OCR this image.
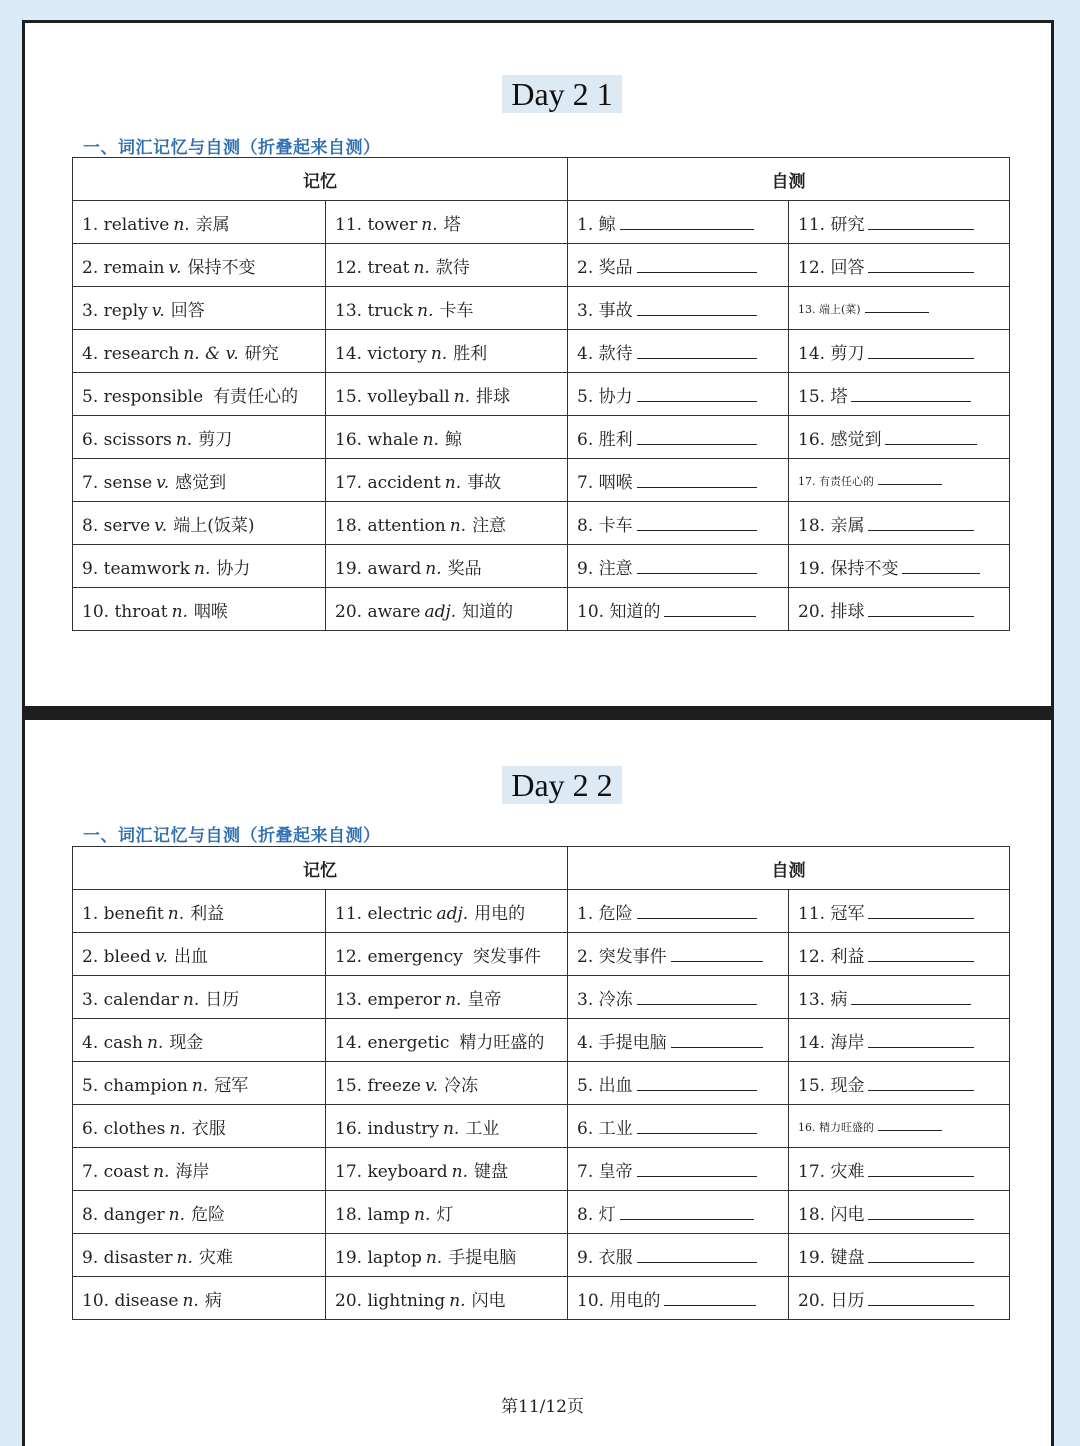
Day 2 1
一、词汇记忆与自测（折叠起来自测）
记忆		自测	
1. relative n. 亲属	11. tower n. 塔	1. 鲸	11. 研究
2. remain v. 保持不变	12. treat n. 款待	2. 奖品	12. 回答
3. reply v. 回答	13. truck n. 卡车	3. 事故	13. 端上(菜)
4. research n. & v. 研究	14. victory n. 胜利	4. 款待	14. 剪刀
5. responsible 有责任心的	15. volleyball n. 排球	5. 协力	15. 塔
6. scissors n. 剪刀	16. whale n. 鲸	6. 胜利	16. 感觉到
7. sense v. 感觉到	17. accident n. 事故	7. 咽喉	17. 有责任心的
8. serve v. 端上(饭菜)	18. attention n. 注意	8. 卡车	18. 亲属
9. teamwork n. 协力	19. award n. 奖品	9. 注意	19. 保持不变
10. throat n. 咽喉	20. aware adj. 知道的	10. 知道的	20. 排球
Day 2 2
一、词汇记忆与自测（折叠起来自测）
记忆		自测	
1. benefit n. 利益	11. electric adj. 用电的	1. 危险	11. 冠军
2. bleed v. 出血	12. emergency 突发事件	2. 突发事件	12. 利益
3. calendar n. 日历	13. emperor n. 皇帝	3. 冷冻	13. 病
4. cash n. 现金	14. energetic 精力旺盛的	4. 手提电脑	14. 海岸
5. champion n. 冠军	15. freeze v. 冷冻	5. 出血	15. 现金
6. clothes n. 衣服	16. industry n. 工业	6. 工业	16. 精力旺盛的
7. coast n. 海岸	17. keyboard n. 键盘	7. 皇帝	17. 灾难
8. danger n. 危险	18. lamp n. 灯	8. 灯	18. 闪电
9. disaster n. 灾难	19. laptop n. 手提电脑	9. 衣服	19. 键盘
10. disease n. 病	20. lightning n. 闪电	10. 用电的	20. 日历
第11/12页
